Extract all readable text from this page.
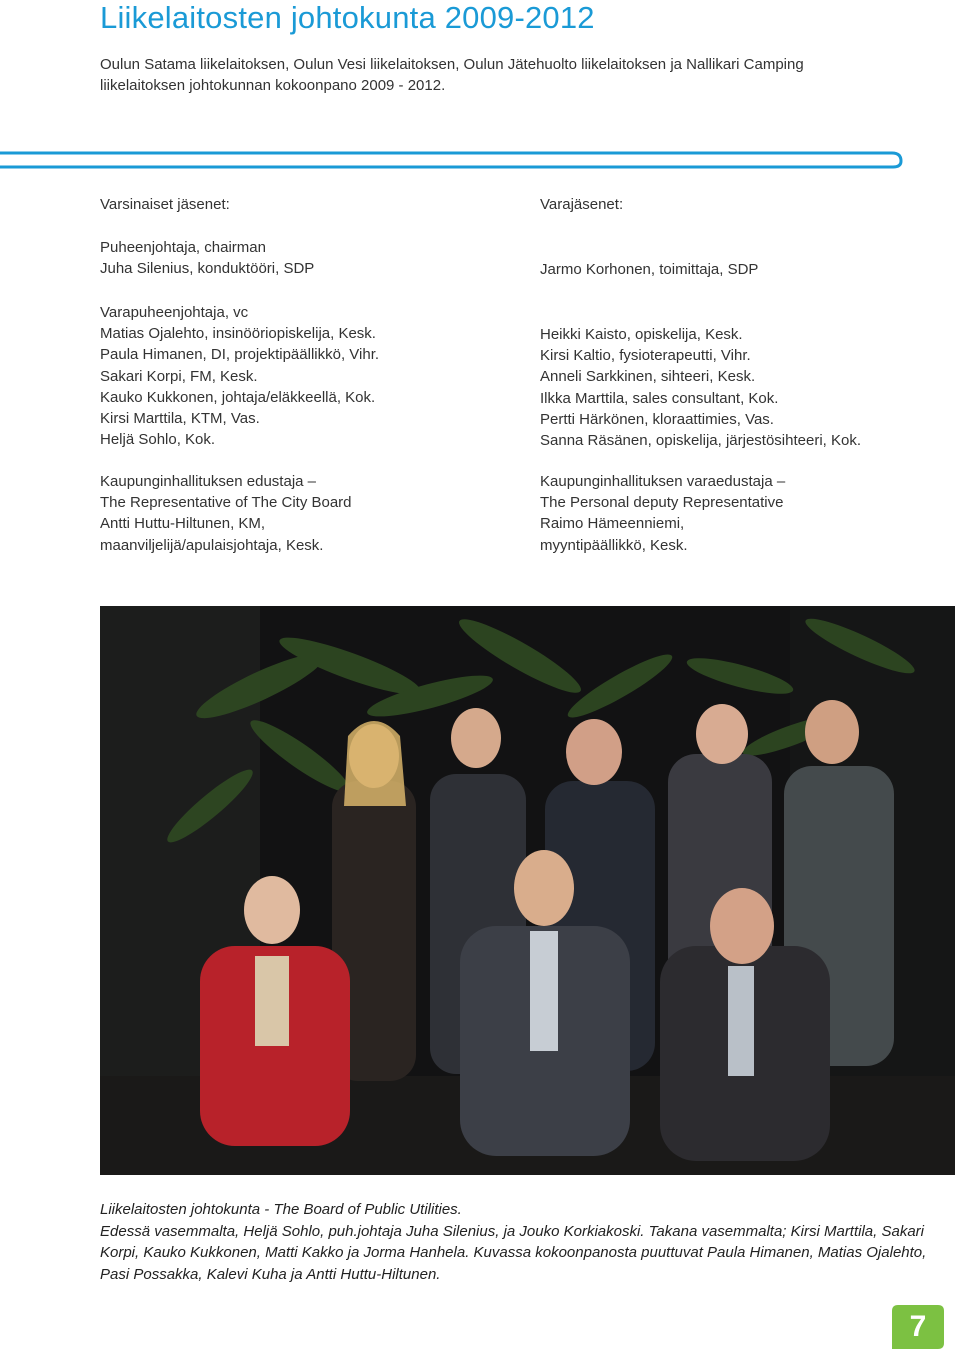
Liikelaitosten johtokunta 2009-2012
Oulun Satama liikelaitoksen, Oulun Vesi liikelaitoksen, Oulun Jätehuolto liikelaitoksen ja Nallikari Camping liikelaitoksen johtokunnan kokoonpano 2009 - 2012.
Varsinaiset jäsenet:
Puheenjohtaja, chairman
Juha Silenius, konduktööri, SDP
Varapuheenjohtaja, vc
Matias Ojalehto, insinööriopiskelija, Kesk.
Paula Himanen, DI, projektipäällikkö, Vihr.
Sakari Korpi, FM, Kesk.
Kauko Kukkonen, johtaja/eläkkeellä, Kok.
Kirsi Marttila, KTM, Vas.
Heljä Sohlo, Kok.
Kaupunginhallituksen edustaja –
The Representative of The City Board
Antti Huttu-Hiltunen, KM,
maanviljelijä/apulaisjohtaja, Kesk.
Varajäsenet:
Jarmo Korhonen, toimittaja, SDP
Heikki Kaisto, opiskelija, Kesk.
Kirsi Kaltio, fysioterapeutti, Vihr.
Anneli Sarkkinen, sihteeri, Kesk.
Ilkka Marttila, sales consultant, Kok.
Pertti Härkönen, kloraattimies, Vas.
Sanna Räsänen, opiskelija, järjestösihteeri, Kok.
Kaupunginhallituksen varaedustaja –
The Personal deputy Representative
Raimo Hämeenniemi,
myyntipäällikkö, Kesk.
Liikelaitosten johtokunta - The Board of Public Utilities.
Edessä vasemmalta, Heljä Sohlo, puh.johtaja Juha Silenius, ja Jouko Korkiakoski. Takana vasemmalta; Kirsi Marttila, Sakari Korpi, Kauko Kukkonen, Matti Kakko ja Jorma Hanhela. Kuvassa kokoonpanosta puuttuvat Paula Himanen, Matias Ojalehto, Pasi Possakka, Kalevi Kuha ja Antti Huttu-Hiltunen.
7
